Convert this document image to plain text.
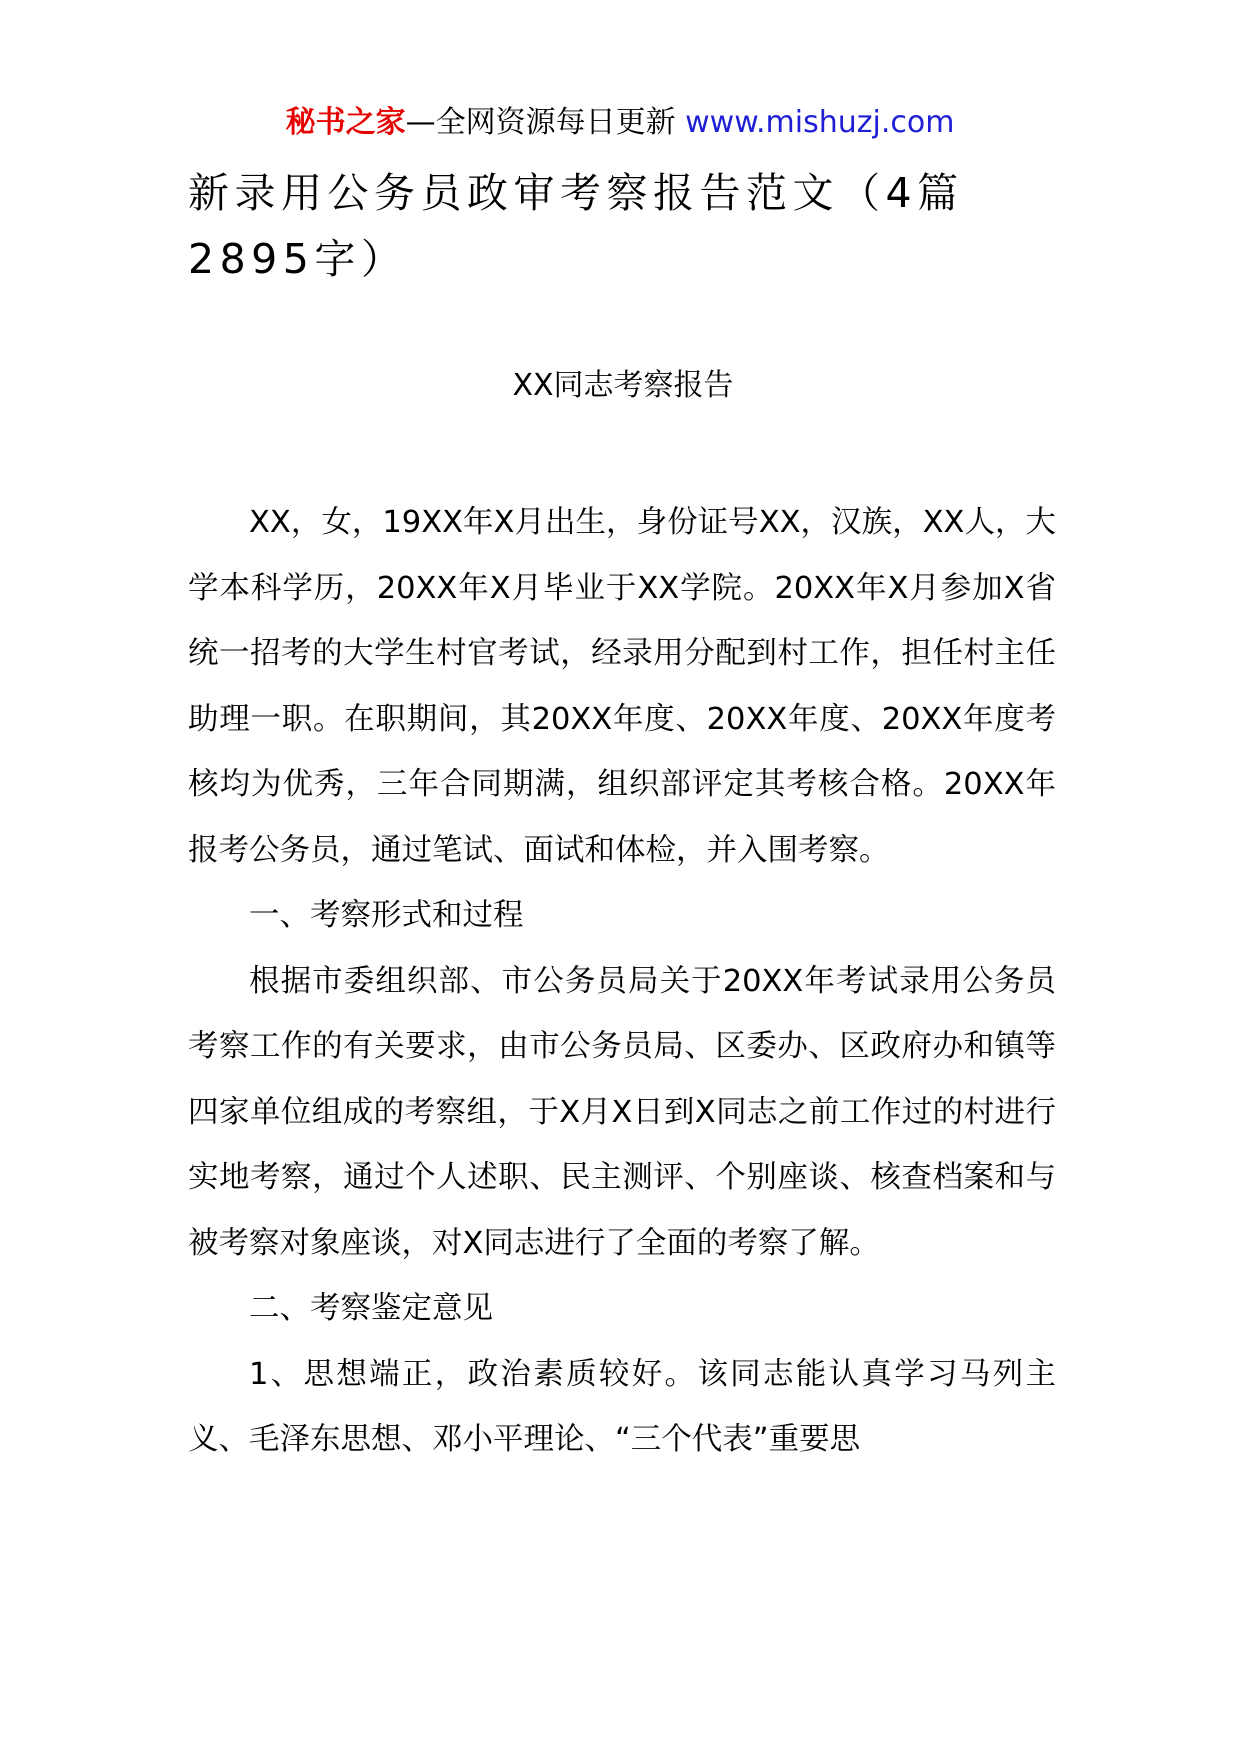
秘书之家—全网资源每日更新 www.mishuzj.com
新录用公务员政审考察报告范文（4篇2895字）
XX同志考察报告

XX，女，19XX年X月出生，身份证号XX，汉族，XX人，大学本科学历，20XX年X月毕业于XX学院。20XX年X月参加X省统一招考的大学生村官考试，经录用分配到村工作，担任村主任助理一职。在职期间，其20XX年度、20XX年度、20XX年度考核均为优秀，三年合同期满，组织部评定其考核合格。20XX年报考公务员，通过笔试、面试和体检，并入围考察。

一、考察形式和过程

根据市委组织部、市公务员局关于20XX年考试录用公务员考察工作的有关要求，由市公务员局、区委办、区政府办和镇等四家单位组成的考察组，于X月X日到X同志之前工作过的村进行实地考察，通过个人述职、民主测评、个别座谈、核查档案和与被考察对象座谈，对X同志进行了全面的考察了解。

二、考察鉴定意见

1、思想端正，政治素质较好。该同志能认真学习马列主义、毛泽东思想、邓小平理论、“三个代表”重要思
